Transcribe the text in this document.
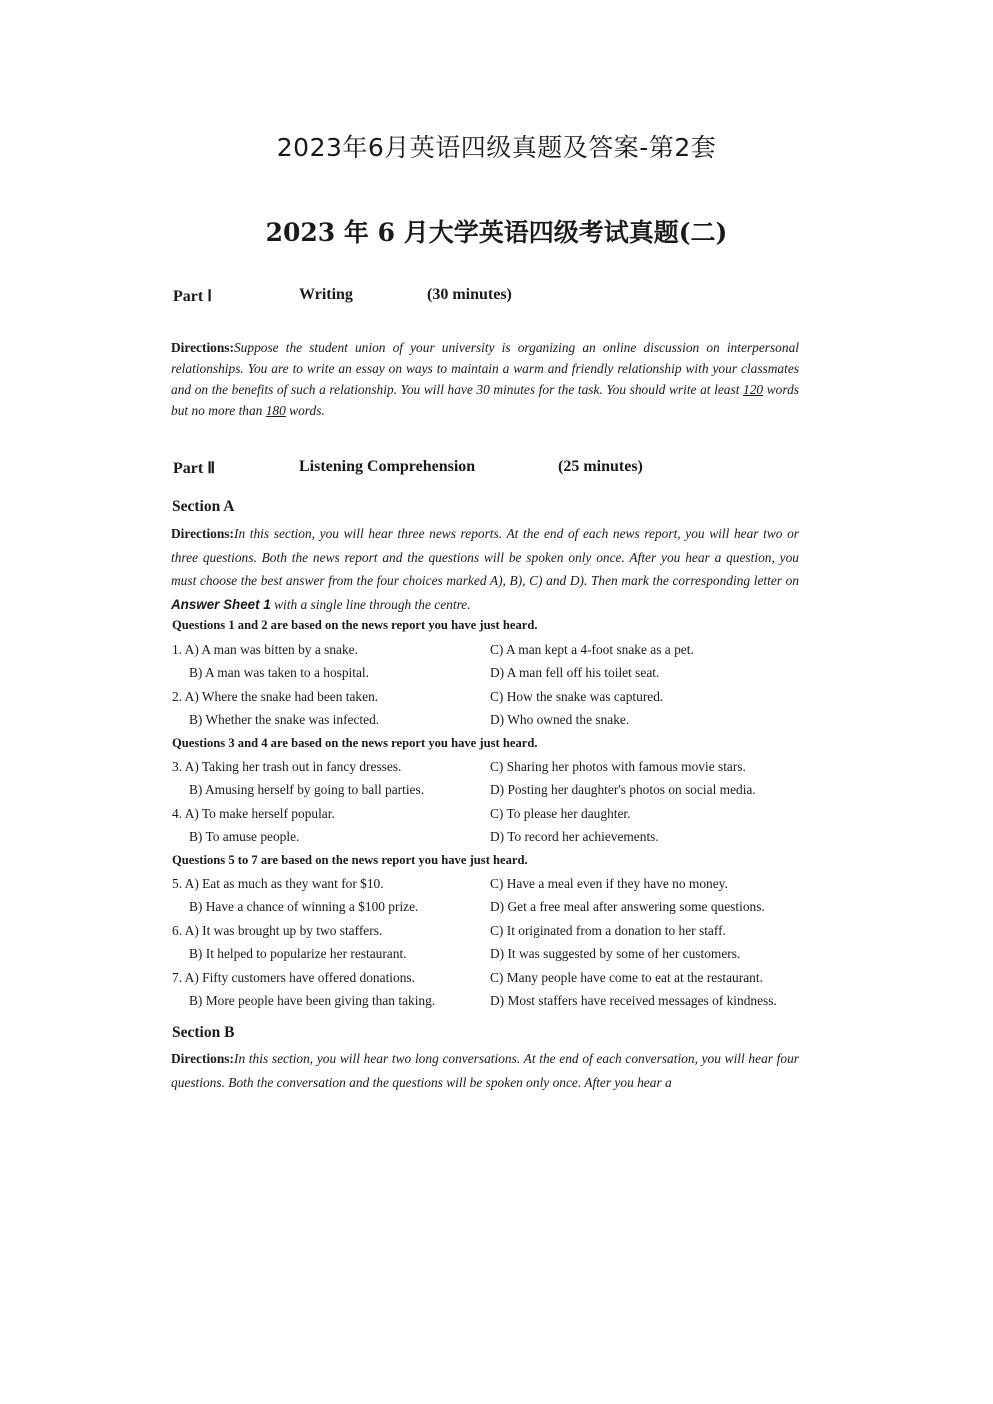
2023年6月英语四级真题及答案-第2套
2023 年 6 月大学英语四级考试真题(二)
Part Ⅰ	Writing	(30 minutes)
Directions:Suppose the student union of your university is organizing an online discussion on interpersonal relationships. You are to write an essay on ways to maintain a warm and friendly relationship with your classmates and on the benefits of such a relationship. You will have 30 minutes for the task. You should write at least 120 words but no more than 180 words.
Part Ⅱ	Listening Comprehension	(25 minutes)
Section A
Directions:In this section, you will hear three news reports. At the end of each news report, you will hear two or three questions. Both the news report and the questions will be spoken only once. After you hear a question, you must choose the best answer from the four choices marked A), B), C) and D). Then mark the corresponding letter on Answer Sheet 1 with a single line through the centre.
Questions 1 and 2 are based on the news report you have just heard.
1. A) A man was bitten by a snake.	C) A man kept a 4-foot snake as a pet.
B) A man was taken to a hospital.	D) A man fell off his toilet seat.
2. A) Where the snake had been taken.	C) How the snake was captured.
B) Whether the snake was infected.	D) Who owned the snake.
Questions 3 and 4 are based on the news report you have just heard.
3. A) Taking her trash out in fancy dresses.	C) Sharing her photos with famous movie stars.
B) Amusing herself by going to ball parties.	D) Posting her daughter's photos on social media.
4. A) To make herself popular.	C) To please her daughter.
B) To amuse people.	D) To record her achievements.
Questions 5 to 7 are based on the news report you have just heard.
5. A) Eat as much as they want for $10.	C) Have a meal even if they have no money.
B) Have a chance of winning a $100 prize.	D) Get a free meal after answering some questions.
6. A) It was brought up by two staffers.	C) It originated from a donation to her staff.
B) It helped to popularize her restaurant.	D) It was suggested by some of her customers.
7. A) Fifty customers have offered donations.	C) Many people have come to eat at the restaurant.
B) More people have been giving than taking.	D) Most staffers have received messages of kindness.
Section B
Directions:In this section, you will hear two long conversations. At the end of each conversation, you will hear four questions. Both the conversation and the questions will be spoken only once. After you hear a
